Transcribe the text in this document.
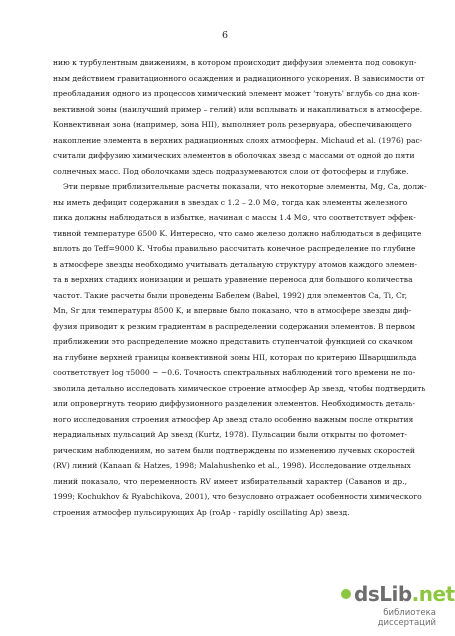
6
нию к турбулентным движениям, в котором происходит диффузия элемента под совокуп-
ным действием гравитационного осаждения и радиационного ускорения. В зависимости от
преобладания одного из процессов химический элемент может 'тонуть' вглубь со дна кон-
вективной зоны (наилучший пример – гелий) или всплывать и накапливаться в атмосфере.
Конвективная зона (например, зона HII), выполняет роль резервуара, обеспечивающего
накопление элемента в верхних радиационных слоях атмосферы. Michaud et al. (1976) рас-
считали диффузию химических элементов в оболочках звезд с массами от одной до пяти
солнечных масс. Под оболочками здесь подразумеваются слои от фотосферы и глубже.
Эти первые приблизительные расчеты показали, что некоторые элементы, Mg, Ca, долж-
ны иметь дефицит содержания в звездах с 1.2 – 2.0 M⊙, тогда как элементы железного
пика должны наблюдаться в избытке, начиная с массы 1.4 M⊙, что соответствует эффек-
тивной температуре 6500 K. Интересно, что само железо должно наблюдаться в дефиците
вплоть до Teff=9000 K. Чтобы правильно рассчитать конечное распределение по глубине
в атмосфере звезды необходимо учитывать детальную структуру атомов каждого элемен-
та в верхних стадиях ионизации и решать уравнение переноса для большого количества
частот. Такие расчеты были проведены Бабелем (Babel, 1992) для элементов Ca, Ti, Cr,
Mn, Sr для температуры 8500 K, и впервые было показано, что в атмосфере звезды диф-
фузия приводит к резким градиентам в распределении содержания элементов. В первом
приближении это распределение можно представить ступенчатой функцией со скачком
на глубине верхней границы конвективной зоны HII, которая по критерию Шварцшильда
соответствует log τ5000 ~ −0.6. Точность спектральных наблюдений того времени не по-
зволила детально исследовать химическое строение атмосфер Ap звезд, чтобы подтвердить
или опровергнуть теорию диффузионного разделения элементов. Необходимость деталь-
ного исследования строения атмосфер Ap звезд стало особенно важным после открытия
нерадиальных пульсаций Ap звезд (Kurtz, 1978). Пульсации были открыты по фотомет-
рическим наблюдениям, но затем были подтверждены по изменению лучевых скоростей
(RV) линий (Kanaan & Hatzes, 1998; Malahushenko et al., 1998). Исследование отдельных
линий показало, что переменность RV имеет избирательный характер (Саванов и др.,
1999; Kochukhov & Ryabchikova, 2001), что безусловно отражает особенности химического
строения атмосфер пульсирующих Ap (roAp - rapidly oscillating Ap) звезд.
dsLib.net
библиотека диссертаций
